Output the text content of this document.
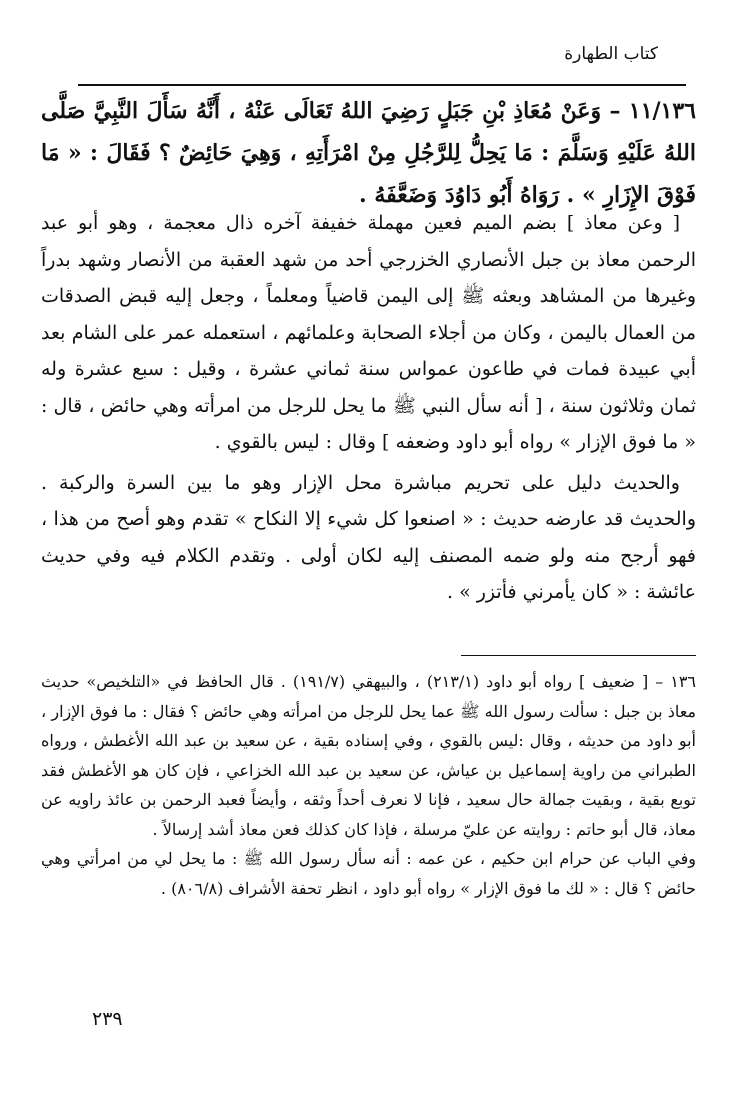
كتاب الطهارة

١١/١٣٦ – وَعَنْ مُعَاذِ بْنِ جَبَلٍ رَضِيَ اللهُ تَعَالَى عَنْهُ ، أَنَّهُ سَأَلَ النَّبِيَّ صَلَّى اللهُ عَلَيْهِ وَسَلَّمَ : مَا يَحِلُّ لِلرَّجُلِ مِنْ امْرَأَتِهِ ، وَهِيَ حَائِضٌ ؟ فَقَالَ : « مَا فَوْقَ الإِزَارِ » . رَوَاهُ أَبُو دَاوُدَ وَضَعَّفَهُ .

[ وعن معاذ ] بضم الميم فعين مهملة خفيفة آخره ذال معجمة ، وهو أبو عبد الرحمن معاذ بن جبل الأنصاري الخزرجي أحد من شهد العقبة من الأنصار وشهد بدراً وغيرها من المشاهد وبعثه ﷺ إلى اليمن قاضياً ومعلماً ، وجعل إليه قبض الصدقات من العمال باليمن ، وكان من أجلاء الصحابة وعلمائهم ، استعمله عمر على الشام بعد أبي عبيدة فمات في طاعون عمواس سنة ثماني عشرة ، وقيل : سبع عشرة وله ثمان وثلاثون سنة ، [ أنه سأل النبي ﷺ ما يحل للرجل من امرأته وهي حائض ، قال : « ما فوق الإزار » رواه أبو داود وضعفه ] وقال : ليس بالقوي .

والحديث دليل على تحريم مباشرة محل الإزار وهو ما بين السرة والركبة . والحديث قد عارضه حديث : « اصنعوا كل شيء إلا النكاح » تقدم وهو أصح من هذا ، فهو أرجح منه ولو ضمه المصنف إليه لكان أولى . وتقدم الكلام فيه وفي حديث عائشة : « كان يأمرني فأتزر » .

١٣٦ – [ ضعيف ] رواه أبو داود (٢١٣/١) ، والبيهقي (١٩١/٧) . قال الحافظ في «التلخيص» حديث معاذ بن جبل : سألت رسول الله ﷺ عما يحل للرجل من امرأته وهي حائض ؟ فقال : ما فوق الإزار ، أبو داود من حديثه ، وقال :ليس بالقوي ، وفي إسناده بقية ، عن سعيد بن عبد الله الأغطش ، ورواه الطبراني من راوية إسماعيل بن عياش، عن سعيد بن عبد الله الخزاعي ، فإن كان هو الأغطش فقد توبع بقية ، وبقيت جمالة حال سعيد ، فإنا لا نعرف أحداً وثقه ، وأيضاً فعبد الرحمن بن عائذ راويه عن معاذ، قال أبو حاتم : روايته عن عليّ مرسلة ، فإذا كان كذلك فعن معاذ أشد إرسالاً .

وفي الباب عن حرام ابن حكيم ، عن عمه : أنه سأل رسول الله ﷺ : ما يحل لي من امرأتي وهي حائض ؟ قال : « لك ما فوق الإزار » رواه أبو داود ، انظر تحفة الأشراف (٨٠٦/٨) .

٢٣٩
